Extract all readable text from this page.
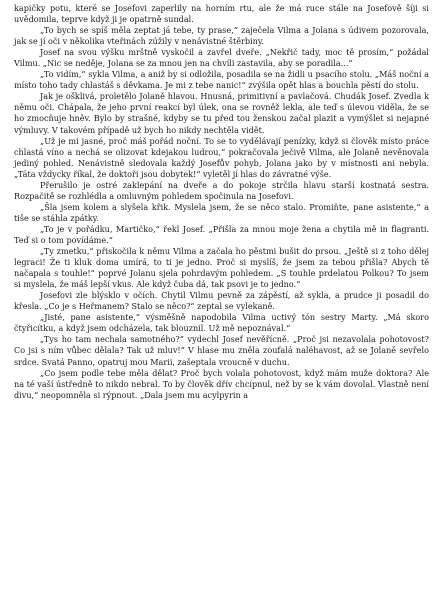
kapičky potu, které se Josefovi zaperlily na horním rtu, ale že má ruce stále na Josefově šíji si uvědomila, teprve když ji je opatrně sundal.

„To bych se spíš měla zeptat já tebe, ty prase,“ zaječela Vilma a Jolana s údivem pozorovala, jak se jí oči v několika vteřinách zúžily v nenávistné štěrbiny.

Josef na svou výšku mrštně vyskočil a zavřel dveře. „Nekřič tady, moc tě prosím,“ požádal Vilmu. „Nic se neděje, Jolana se za mnou jen na chvíli zastavila, aby se poradila...“

„To vidím,“ sykla Vilma, a aniž by si odložila, posadila se na židli u psacího stolu. „Máš noční a místo toho tady chlastáš s děvkama. Je mi z tebe nanic!“ zvýšila opět hlas a bouchla pěstí do stolu.

Jak je ošklivá, proletělo Jolaně hlavou. Hnusná, primitivní a pavlačová. Chudák Josef. Zvedla k němu oči. Chápala, že jeho první reakcí byl úlek, ona se rovněž lekla, ale teď s úlevou viděla, že se ho zmocňuje hněv. Bylo by strašné, kdyby se tu před tou ženskou začal plazit a vymýšlet si nejapné výmluvy. V takovém případě už bych ho nikdy nechtěla vidět.

„Už je mi jasné, proč máš pořád noční. To se to vydělávají penízky, když si člověk místo práce chlastá víno a nechá se olizovat kdejakou ludrou,“ pokračovala ječivě Vilma, ale Jolaně nevěnovala jediný pohled. Nenávistně sledovala každý Josefův pohyb, Jolana jako by v místnosti ani nebyla. „Táta vždycky říkal, že doktoři jsou dobytek!“ vyletěl jí hlas do závratné výše.

Přerušilo je ostré zaklepání na dveře a do pokoje strčila hlavu starší kostnatá sestra. Rozpačitě se rozhlédla a omluvným pohledem spočinula na Josefovi.

„Šla jsem kolem a slyšela křik. Myslela jsem, že se něco stalo. Promiňte, pane asistente,“ a tiše se stáhla zpátky.

„To je v pořádku, Martičko,“ řekl Josef. „Přišla za mnou moje žena a chytila mě in flagranti. Teď si o tom povídáme.“

„Ty zmetku,“ přiskočila k němu Vilma a začala ho pěstmi bušit do prsou. „Ještě si z toho dělej legraci! Že ti kluk doma umírá, to ti je jedno. Proč si myslíš, že jsem za tebou přišla? Abych tě načapala s touhle!“ poprvé Jolanu sjela pohrdavým pohledem. „S touhle prdelatou Polkou? To jsem si myslela, že máš lepší vkus. Ale když čuba dá, tak psovi je to jedno.“

Josefovi zle blýsklo v očích. Chytil Vilmu pevně za zápěstí, až sykla, a prudce ji posadil do křesla. „Co je s Heřmanem? Stalo se něco?“ zeptal se vylekaně.

„Jisté, pane asistente,“ výsměšně napodobila Vilma uctivý tón sestry Marty. „Má skoro čtyřicítku, a když jsem odcházela, tak blouznil. Už mě nepoznával.“

„Tys ho tam nechala samotného?“ vydechl Josef nevěřícně. „Proč jsi nezavolala pohotovost? Co jsi s ním vůbec dělala? Tak už mluv!“ V hlase mu zněla zoufalá naléhavost, až se Jolaně sevřelo srdce. Svatá Panno, opatruj mou Marii, zašeptala vroucně v duchu.

„Co jsem podle tebe měla dělat? Proč bych volala pohotovost, když mám muže doktora? Ale na té vaší ústředně to nikdo nebral. To by člověk dřív chcípnul, než by se k vám dovolal. Vlastně není divu,“ neopomněla si rýpnout. „Dala jsem mu acylpyrin a
